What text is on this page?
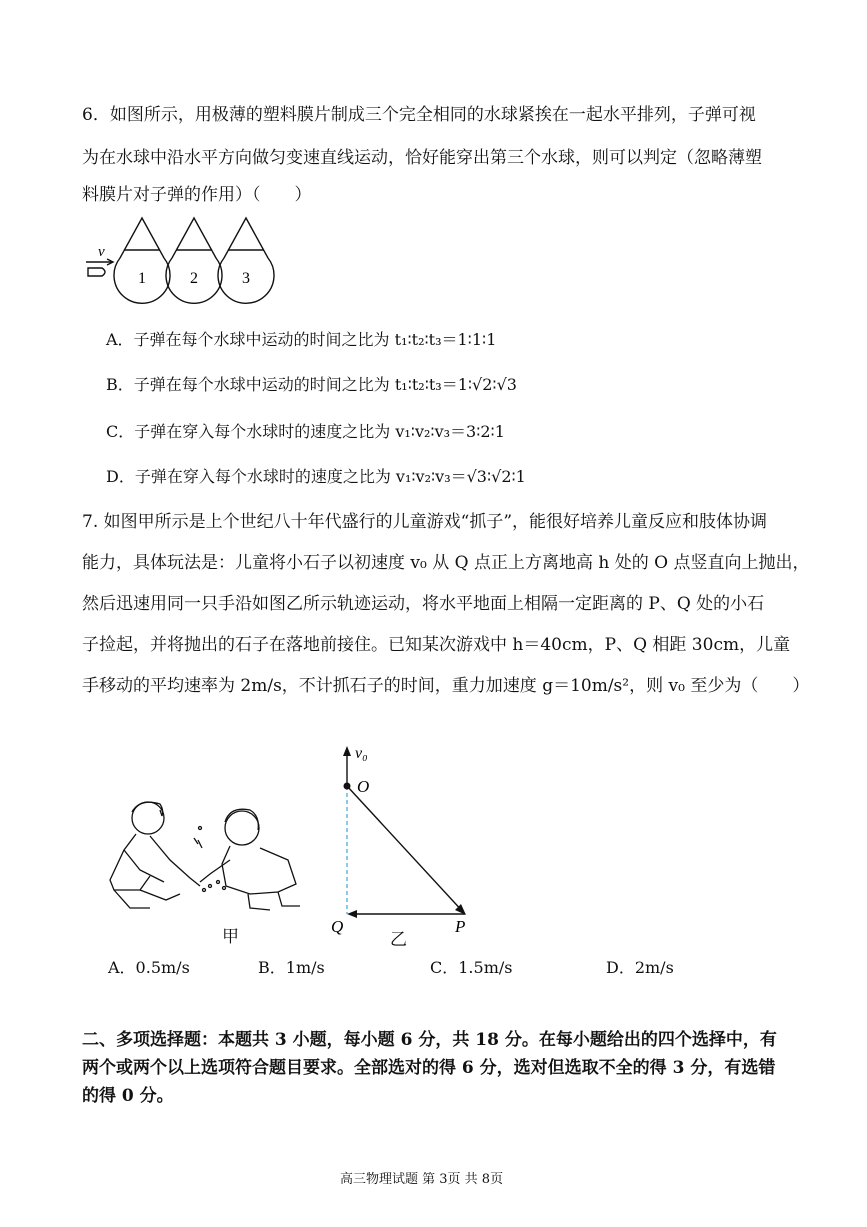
6．如图所示，用极薄的塑料膜片制成三个完全相同的水球紧挨在一起水平排列，子弹可视
为在水球中沿水平方向做匀变速直线运动，恰好能穿出第三个水球，则可以判定（忽略薄塑
料膜片对子弹的作用）（　　）
v
1	2	3
A．子弹在每个水球中运动的时间之比为 t₁∶t₂∶t₃＝1∶1∶1
B．子弹在每个水球中运动的时间之比为 t₁∶t₂∶t₃＝1∶√2∶√3
C．子弹在穿入每个水球时的速度之比为 v₁∶v₂∶v₃＝3∶2∶1
D．子弹在穿入每个水球时的速度之比为 v₁∶v₂∶v₃＝√3∶√2∶1
7. 如图甲所示是上个世纪八十年代盛行的儿童游戏“抓子”，能很好培养儿童反应和肢体协调
能力，具体玩法是：儿童将小石子以初速度 v₀ 从 Q 点正上方离地高 h 处的 O 点竖直向上抛出，
然后迅速用同一只手沿如图乙所示轨迹运动，将水平地面上相隔一定距离的 P、Q 处的小石
子捡起，并将抛出的石子在落地前接住。已知某次游戏中 h＝40cm，P、Q 相距 30cm，儿童
手移动的平均速率为 2m/s，不计抓石子的时间，重力加速度 g＝10m/s²，则 v₀ 至少为（　　）
甲
v₀
O
Q	P
乙
A．0.5m/s	B．1m/s	C．1.5m/s	D．2m/s
二、多项选择题：本题共 3 小题，每小题 6 分，共 18 分。在每小题给出的四个选择中，有
两个或两个以上选项符合题目要求。全部选对的得 6 分，选对但选取不全的得 3 分，有选错
的得 0 分。
高三物理试题 第 3页 共 8页
